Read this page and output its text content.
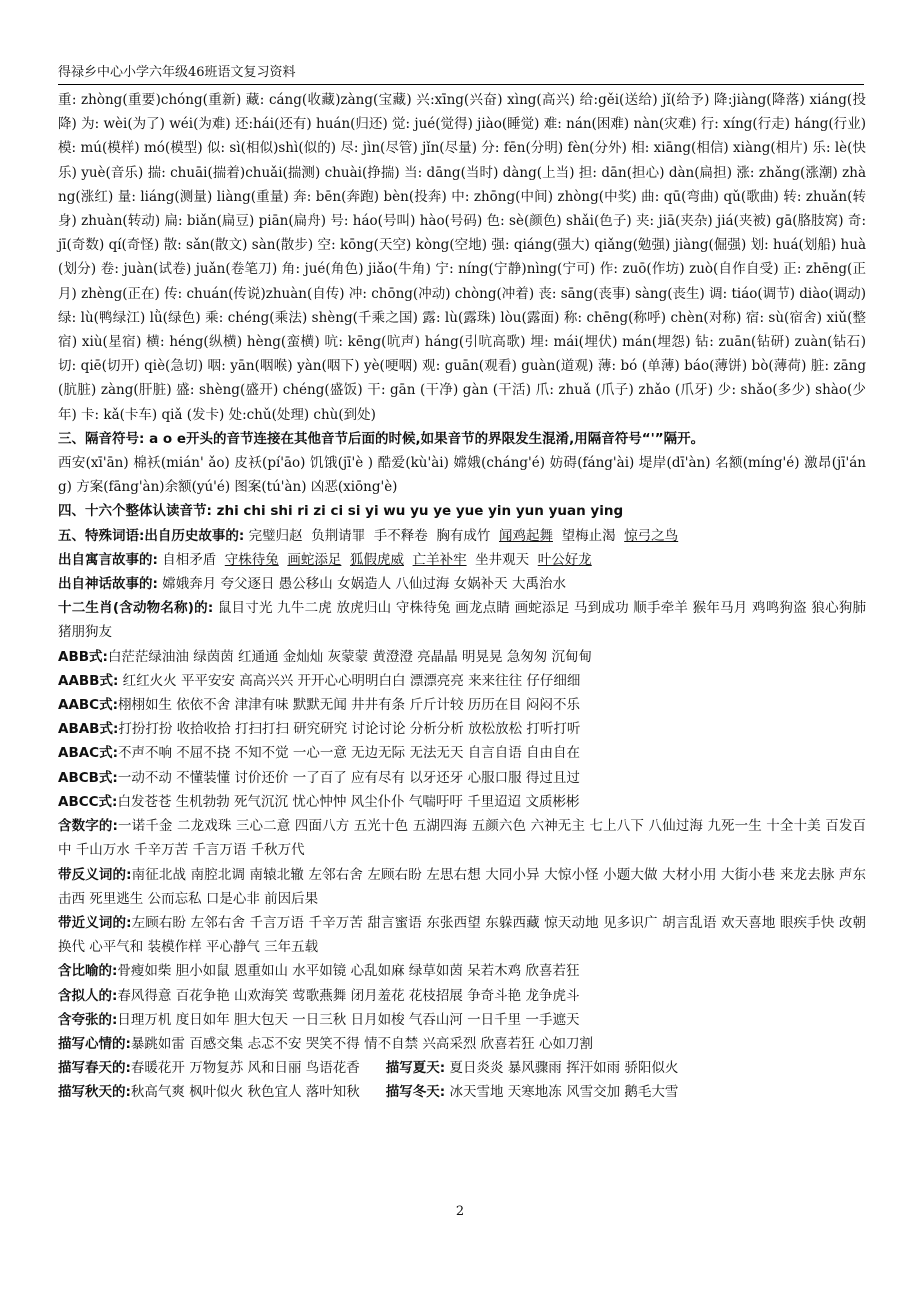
得禄乡中心小学六年级46班语文复习资料

重: zhòng(重要)chóng(重新) 藏: cáng(收藏)zàng(宝藏) 兴:xīng(兴奋) xìng(高兴) 给:gěi(送给) jǐ(给予) 降:jiàng(降落) xiáng(投降) 为: wèi(为了) wéi(为难) 还:hái(还有) huán(归还) 觉: jué(觉得) jiào(睡觉) 难: nán(困难) nàn(灾难) 行: xíng(行走) háng(行业) 模: mú(模样) mó(模型) 似: sì(相似)shì(似的) 尽: jìn(尽管) jǐn(尽量) 分: fēn(分明) fèn(分外) 相: xiāng(相信) xiàng(相片) 乐: lè(快乐) yuè(音乐) 揣: chuāi(揣着)chuǎi(揣测) chuài(挣揣) 当: dāng(当时) dàng(上当) 担: dān(担心) dàn(扁担) 涨: zhǎng(涨潮) zhàng(涨红) 量: liáng(测量) liàng(重量) 奔: bēn(奔跑) bèn(投奔) 中: zhōng(中间) zhòng(中奖) 曲: qū(弯曲) qǔ(歌曲) 转: zhuǎn(转身) zhuàn(转动) 扁: biǎn(扁豆) piān(扁舟) 号: háo(号叫) hào(号码) 色: sè(颜色) shǎi(色子) 夹: jiā(夹杂) jiá(夹被) gā(胳肢窝) 奇: jī(奇数) qí(奇怪) 散: sǎn(散文) sàn(散步) 空: kōng(天空) kòng(空地) 强: qiáng(强大) qiǎng(勉强) jiàng(倔强) 划: huá(划船) huà(划分) 卷: juàn(试卷) juǎn(卷笔刀) 角: jué(角色) jiǎo(牛角) 宁: níng(宁静)nìng(宁可) 作: zuō(作坊) zuò(自作自受) 正: zhēng(正月) zhèng(正在) 传: chuán(传说)zhuàn(自传) 冲: chōng(冲动) chòng(冲着) 丧: sāng(丧事) sàng(丧生) 调: tiáo(调节) diào(调动) 绿: lù(鸭绿江) lǜ(绿色) 乘: chéng(乘法) shèng(千乘之国) 露: lù(露珠) lòu(露面) 称: chēng(称呼) chèn(对称) 宿: sù(宿舍) xiǔ(整宿) xiù(星宿) 横: héng(纵横) hèng(蛮横) 吭: kēng(吭声) háng(引吭高歌) 埋: mái(埋伏) mán(埋怨) 钻: zuān(钻研) zuàn(钻石) 切: qiē(切开) qiè(急切) 咽: yān(咽喉) yàn(咽下) yè(哽咽) 观: guān(观看) guàn(道观) 薄: bó (单薄) báo(薄饼) bò(薄荷) 脏: zāng(肮脏) zàng(肝脏) 盛: shèng(盛开) chéng(盛饭) 干: gān (干净) gàn (干活) 爪: zhuǎ (爪子) zhǎo (爪牙) 少: shǎo(多少) shào(少年) 卡: kǎ(卡车) qiǎ (发卡) 处:chǔ(处理) chù(到处)

三、隔音符号: a o e开头的音节连接在其他音节后面的时候,如果音节的界限发生混淆,用隔音符号“'”隔开。

西安(xī'ān) 棉袄(mián' ǎo) 皮袄(pí'āo) 饥饿(jī'è ) 酷爱(kù'ài) 嫦娥(cháng'é) 妨碍(fáng'ài) 堤岸(dī'àn) 名额(míng'é) 激昂(jī'áng) 方案(fāng'àn)余额(yú'é) 图案(tú'àn) 凶恶(xiōng'è)

四、十六个整体认读音节: zhi chi shi ri zi ci si yi wu yu ye yue yin yun yuan ying

五、特殊词语:出自历史故事的: 完璧归赵 负荆请罪 手不释卷 胸有成竹 闻鸡起舞 望梅止渴 惊弓之鸟

出自寓言故事的: 自相矛盾 守株待兔 画蛇添足 狐假虎威 亡羊补牢 坐井观天 叶公好龙

出自神话故事的: 嫦娥奔月 夸父逐日 愚公移山 女娲造人 八仙过海 女娲补天 大禹治水

十二生肖(含动物名称)的: 鼠目寸光 九牛二虎 放虎归山 守株待兔 画龙点睛 画蛇添足 马到成功 顺手牵羊 猴年马月 鸡鸣狗盗 狼心狗肺 猪朋狗友

ABB式:白茫茫绿油油 绿茵茵 红通通 金灿灿 灰蒙蒙 黄澄澄 亮晶晶 明晃晃 急匆匆 沉甸甸

AABB式: 红红火火 平平安安 高高兴兴 开开心心明明白白 漂漂亮亮 来来往往 仔仔细细

AABC式:栩栩如生 依依不舍 津津有味 默默无闻 井井有条 斤斤计较 历历在目 闷闷不乐

ABAB式:打扮打扮 收拾收拾 打扫打扫 研究研究 讨论讨论 分析分析 放松放松 打听打听

ABAC式:不声不响 不屈不挠 不知不觉 一心一意 无边无际 无法无天 自言自语 自由自在

ABCB式:一动不动 不懂装懂 讨价还价 一了百了 应有尽有 以牙还牙 心服口服 得过且过

ABCC式:白发苍苍 生机勃勃 死气沉沉 忧心忡忡 风尘仆仆 气喘吁吁 千里迢迢 文质彬彬

含数字的:一诺千金 二龙戏珠 三心二意 四面八方 五光十色 五湖四海 五颜六色 六神无主 七上八下 八仙过海 九死一生 十全十美 百发百中 千山万水 千辛万苦 千言万语 千秋万代

带反义词的:南征北战 南腔北调 南辕北辙 左邻右舍 左顾右盼 左思右想 大同小异 大惊小怪 小题大做 大材小用 大街小巷 来龙去脉 声东击西 死里逃生 公而忘私 口是心非 前因后果

带近义词的:左顾右盼 左邻右舍 千言万语 千辛万苦 甜言蜜语 东张西望 东躲西藏 惊天动地 见多识广 胡言乱语 欢天喜地 眼疾手快 改朝换代 心平气和 装模作样 平心静气 三年五载

含比喻的:骨瘦如柴 胆小如鼠 恩重如山 水平如镜 心乱如麻 绿草如茵 呆若木鸡 欣喜若狂

含拟人的:春风得意 百花争艳 山欢海笑 莺歌燕舞 闭月羞花 花枝招展 争奇斗艳 龙争虎斗

含夸张的:日理万机 度日如年 胆大包天 一日三秋 日月如梭 气吞山河 一日千里 一手遮天

描写心情的:暴跳如雷 百感交集 忐忑不安 哭笑不得 情不自禁 兴高采烈 欣喜若狂 心如刀割

描写春天的:春暖花开 万物复苏 风和日丽 鸟语花香 描写夏天: 夏日炎炎 暴风骤雨 挥汗如雨 骄阳似火

描写秋天的:秋高气爽 枫叶似火 秋色宜人 落叶知秋 描写冬天: 冰天雪地 天寒地冻 风雪交加 鹅毛大雪

2
